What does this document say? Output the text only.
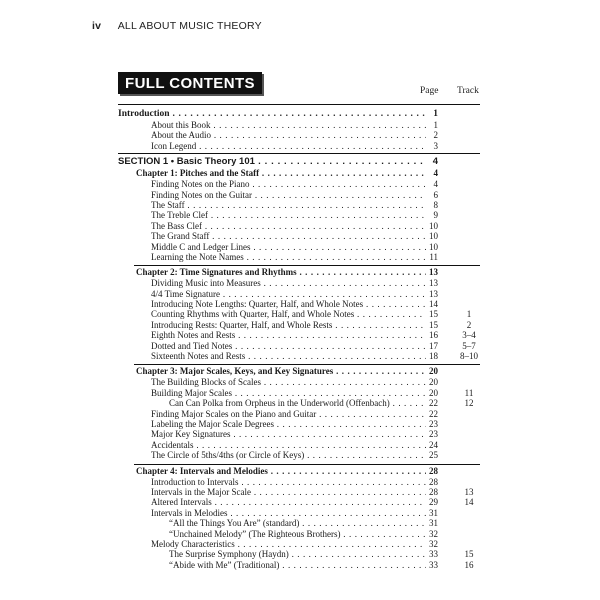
iv ALL ABOUT MUSIC THEORY
FULL CONTENTS	Page Track
Introduction . . .	1
About this Book . . .	1
About the Audio . . .	2
Icon Legend . . .	3
SECTION 1 • Basic Theory 101 . . .	4
Chapter 1: Pitches and the Staff . . .	4
Finding Notes on the Piano . . .	4
Finding Notes on the Guitar . . .	6
The Staff . . .	8
The Treble Clef . . .	9
The Bass Clef . . .	10
The Grand Staff . . .	10
Middle C and Ledger Lines . . .	10
Learning the Note Names . . .	11
Chapter 2: Time Signatures and Rhythms . . .	13
Dividing Music into Measures . . .	13
4/4 Time Signature . . .	13
Introducing Note Lengths: Quarter, Half, and Whole Notes . . .	14
Counting Rhythms with Quarter, Half, and Whole Notes . . .	15	1
Introducing Rests: Quarter, Half, and Whole Rests . . .	15	2
Eighth Notes and Rests . . .	16	3–4
Dotted and Tied Notes . . .	17	5–7
Sixteenth Notes and Rests . . .	18	8–10
Chapter 3: Major Scales, Keys, and Key Signatures . . .	20
The Building Blocks of Scales . . .	20
Building Major Scales . . .	20	11
Can Can Polka from Orpheus in the Underworld (Offenbach) . . .	22	12
Finding Major Scales on the Piano and Guitar . . .	22
Labeling the Major Scale Degrees . . .	23
Major Key Signatures . . .	23
Accidentals . . .	24
The Circle of 5ths/4ths (or Circle of Keys) . . .	25
Chapter 4: Intervals and Melodies . . .	28
Introduction to Intervals . . .	28
Intervals in the Major Scale . . .	28	13
Altered Intervals . . .	29	14
Intervals in Melodies . . .	31
“All the Things You Are” (standard) . . .	31
“Unchained Melody” (The Righteous Brothers) . . .	32
Melody Characteristics . . .	32
The Surprise Symphony (Haydn) . . .	33	15
“Abide with Me” (Traditional) . . .	33	16
